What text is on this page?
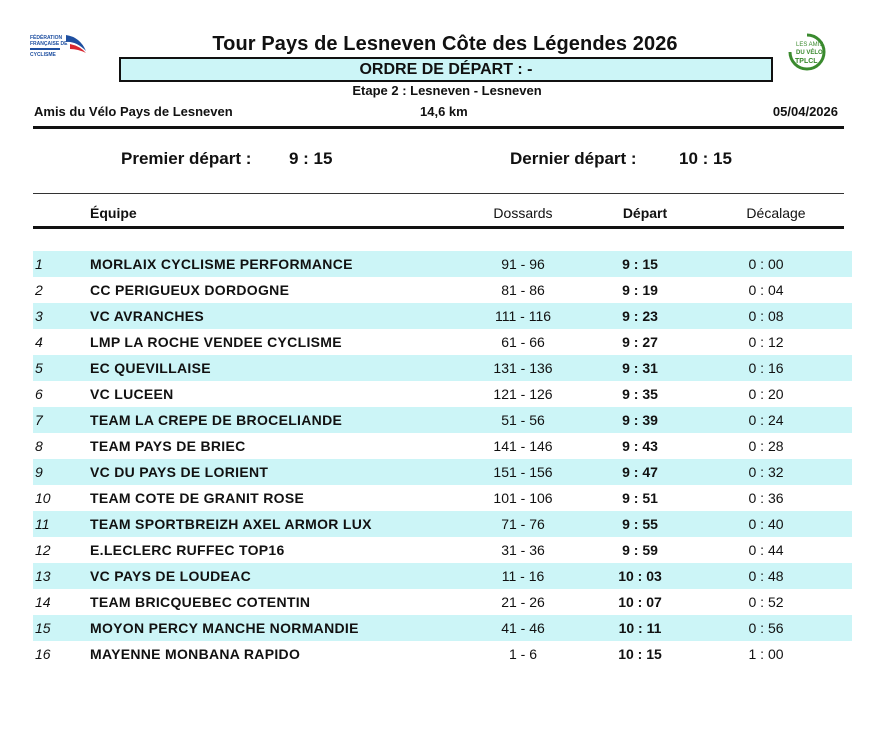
FÉDÉRATION
FRANÇAISE DE
CYCLISME
LES AMIS
DU VÉLO
TPLCL
Tour Pays de Lesneven Côte des Légendes 2026
ORDRE DE DÉPART : -
Etape 2 : Lesneven - Lesneven
Amis du Vélo Pays de Lesneven	14,6 km	05/04/2026
Premier départ : 9 : 15	Dernier départ : 10 : 15
Équipe	Dossards	Départ	Décalage
1	MORLAIX CYCLISME PERFORMANCE	91 - 96	9 : 15	0 : 00
2	CC PERIGUEUX DORDOGNE	81 - 86	9 : 19	0 : 04
3	VC AVRANCHES	111 - 116	9 : 23	0 : 08
4	LMP LA ROCHE VENDEE CYCLISME	61 - 66	9 : 27	0 : 12
5	EC QUEVILLAISE	131 - 136	9 : 31	0 : 16
6	VC LUCEEN	121 - 126	9 : 35	0 : 20
7	TEAM LA CREPE DE BROCELIANDE	51 - 56	9 : 39	0 : 24
8	TEAM PAYS DE BRIEC	141 - 146	9 : 43	0 : 28
9	VC DU PAYS DE LORIENT	151 - 156	9 : 47	0 : 32
10	TEAM COTE DE GRANIT ROSE	101 - 106	9 : 51	0 : 36
11	TEAM SPORTBREIZH AXEL ARMOR LUX	71 - 76	9 : 55	0 : 40
12	E.LECLERC RUFFEC TOP16	31 - 36	9 : 59	0 : 44
13	VC PAYS DE LOUDEAC	11 - 16	10 : 03	0 : 48
14	TEAM BRICQUEBEC COTENTIN	21 - 26	10 : 07	0 : 52
15	MOYON PERCY MANCHE NORMANDIE	41 - 46	10 : 11	0 : 56
16	MAYENNE MONBANA RAPIDO	1 - 6	10 : 15	1 : 00
